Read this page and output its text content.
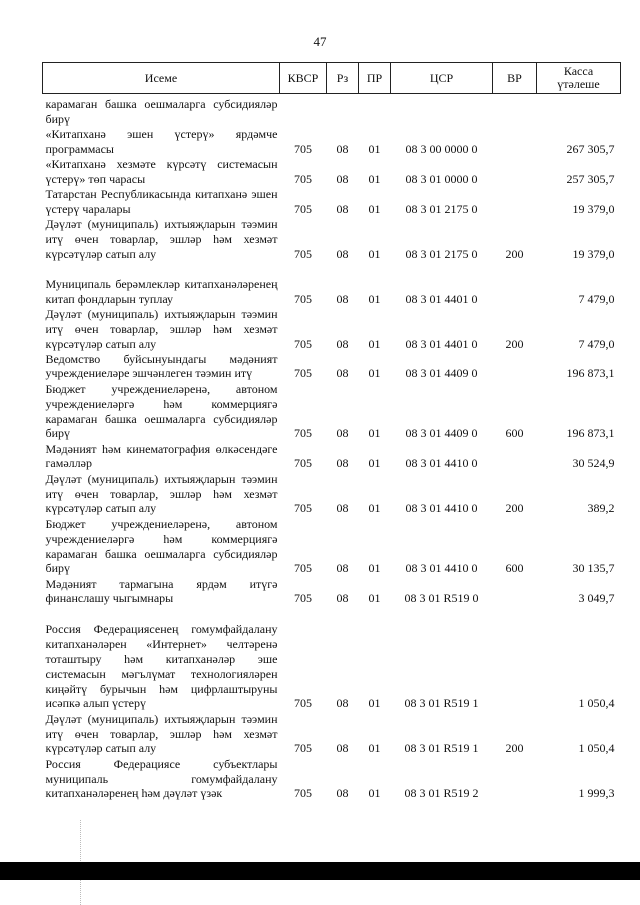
47
Исеме	КВСР	Рз	ПР	ЦСР	ВР	Касса
үтәлеше

карамаган башка оешмаларга субсидияләр бирү						
«Китапханә эшен үстерү» ярдәмче программасы	705	08	01	08 3 00 0000 0		267 305,7
«Китапханә хезмәте күрсәтү системасын үстерү» төп чарасы	705	08	01	08 3 01 0000 0		257 305,7
Татарстан Республикасында китапханә эшен үстерү чаралары	705	08	01	08 3 01 2175 0		19 379,0
Дәүләт (муниципаль) ихтыяҗларын тәэмин итү өчен товарлар, эшләр һәм хезмәт күрсәтүләр сатып алу	705	08	01	08 3 01 2175 0	200	19 379,0
Муниципаль берәмлекләр китапханәләренең китап фондларын туплау	705	08	01	08 3 01 4401 0		7 479,0
Дәүләт (муниципаль) ихтыяҗларын тәэмин итү өчен товарлар, эшләр һәм хезмәт күрсәтүләр сатып алу	705	08	01	08 3 01 4401 0	200	7 479,0
Ведомство буйсынуындагы мәдәният учреждениеләре эшчәнлеген тәэмин итү	705	08	01	08 3 01 4409 0		196 873,1
Бюджет учреждениеләренә, автоном учреждениеләргә һәм коммерциягә карамаган башка оешмаларга субсидияләр бирү	705	08	01	08 3 01 4409 0	600	196 873,1
Мәдәният һәм кинематография өлкәсендәге гамәлләр	705	08	01	08 3 01 4410 0		30 524,9
Дәүләт (муниципаль) ихтыяҗларын тәэмин итү өчен товарлар, эшләр һәм хезмәт күрсәтүләр сатып алу	705	08	01	08 3 01 4410 0	200	389,2
Бюджет учреждениеләренә, автоном учреждениеләргә һәм коммерциягә карамаган башка оешмаларга субсидияләр бирү	705	08	01	08 3 01 4410 0	600	30 135,7
Мәдәният тармагына ярдәм итүгә финанслашу чыгымнары	705	08	01	08 3 01 R519 0		3 049,7
Россия Федерациясенең гомумфайдалану китапханәләрен «Интернет» челтәренә тоташтыру һәм китапханәләр эше системасын мәгълүмат технологияләрен киңәйтү бурычын һәм цифрлаштыруны исәпкә алып үстерү	705	08	01	08 3 01 R519 1		1 050,4
Дәүләт (муниципаль) ихтыяҗларын тәэмин итү өчен товарлар, эшләр һәм хезмәт күрсәтүләр сатып алу	705	08	01	08 3 01 R519 1	200	1 050,4
Россия Федерациясе субъектлары муниципаль гомумфайдалану китапханәләренең һәм дәүләт үзәк	705	08	01	08 3 01 R519 2		1 999,3
